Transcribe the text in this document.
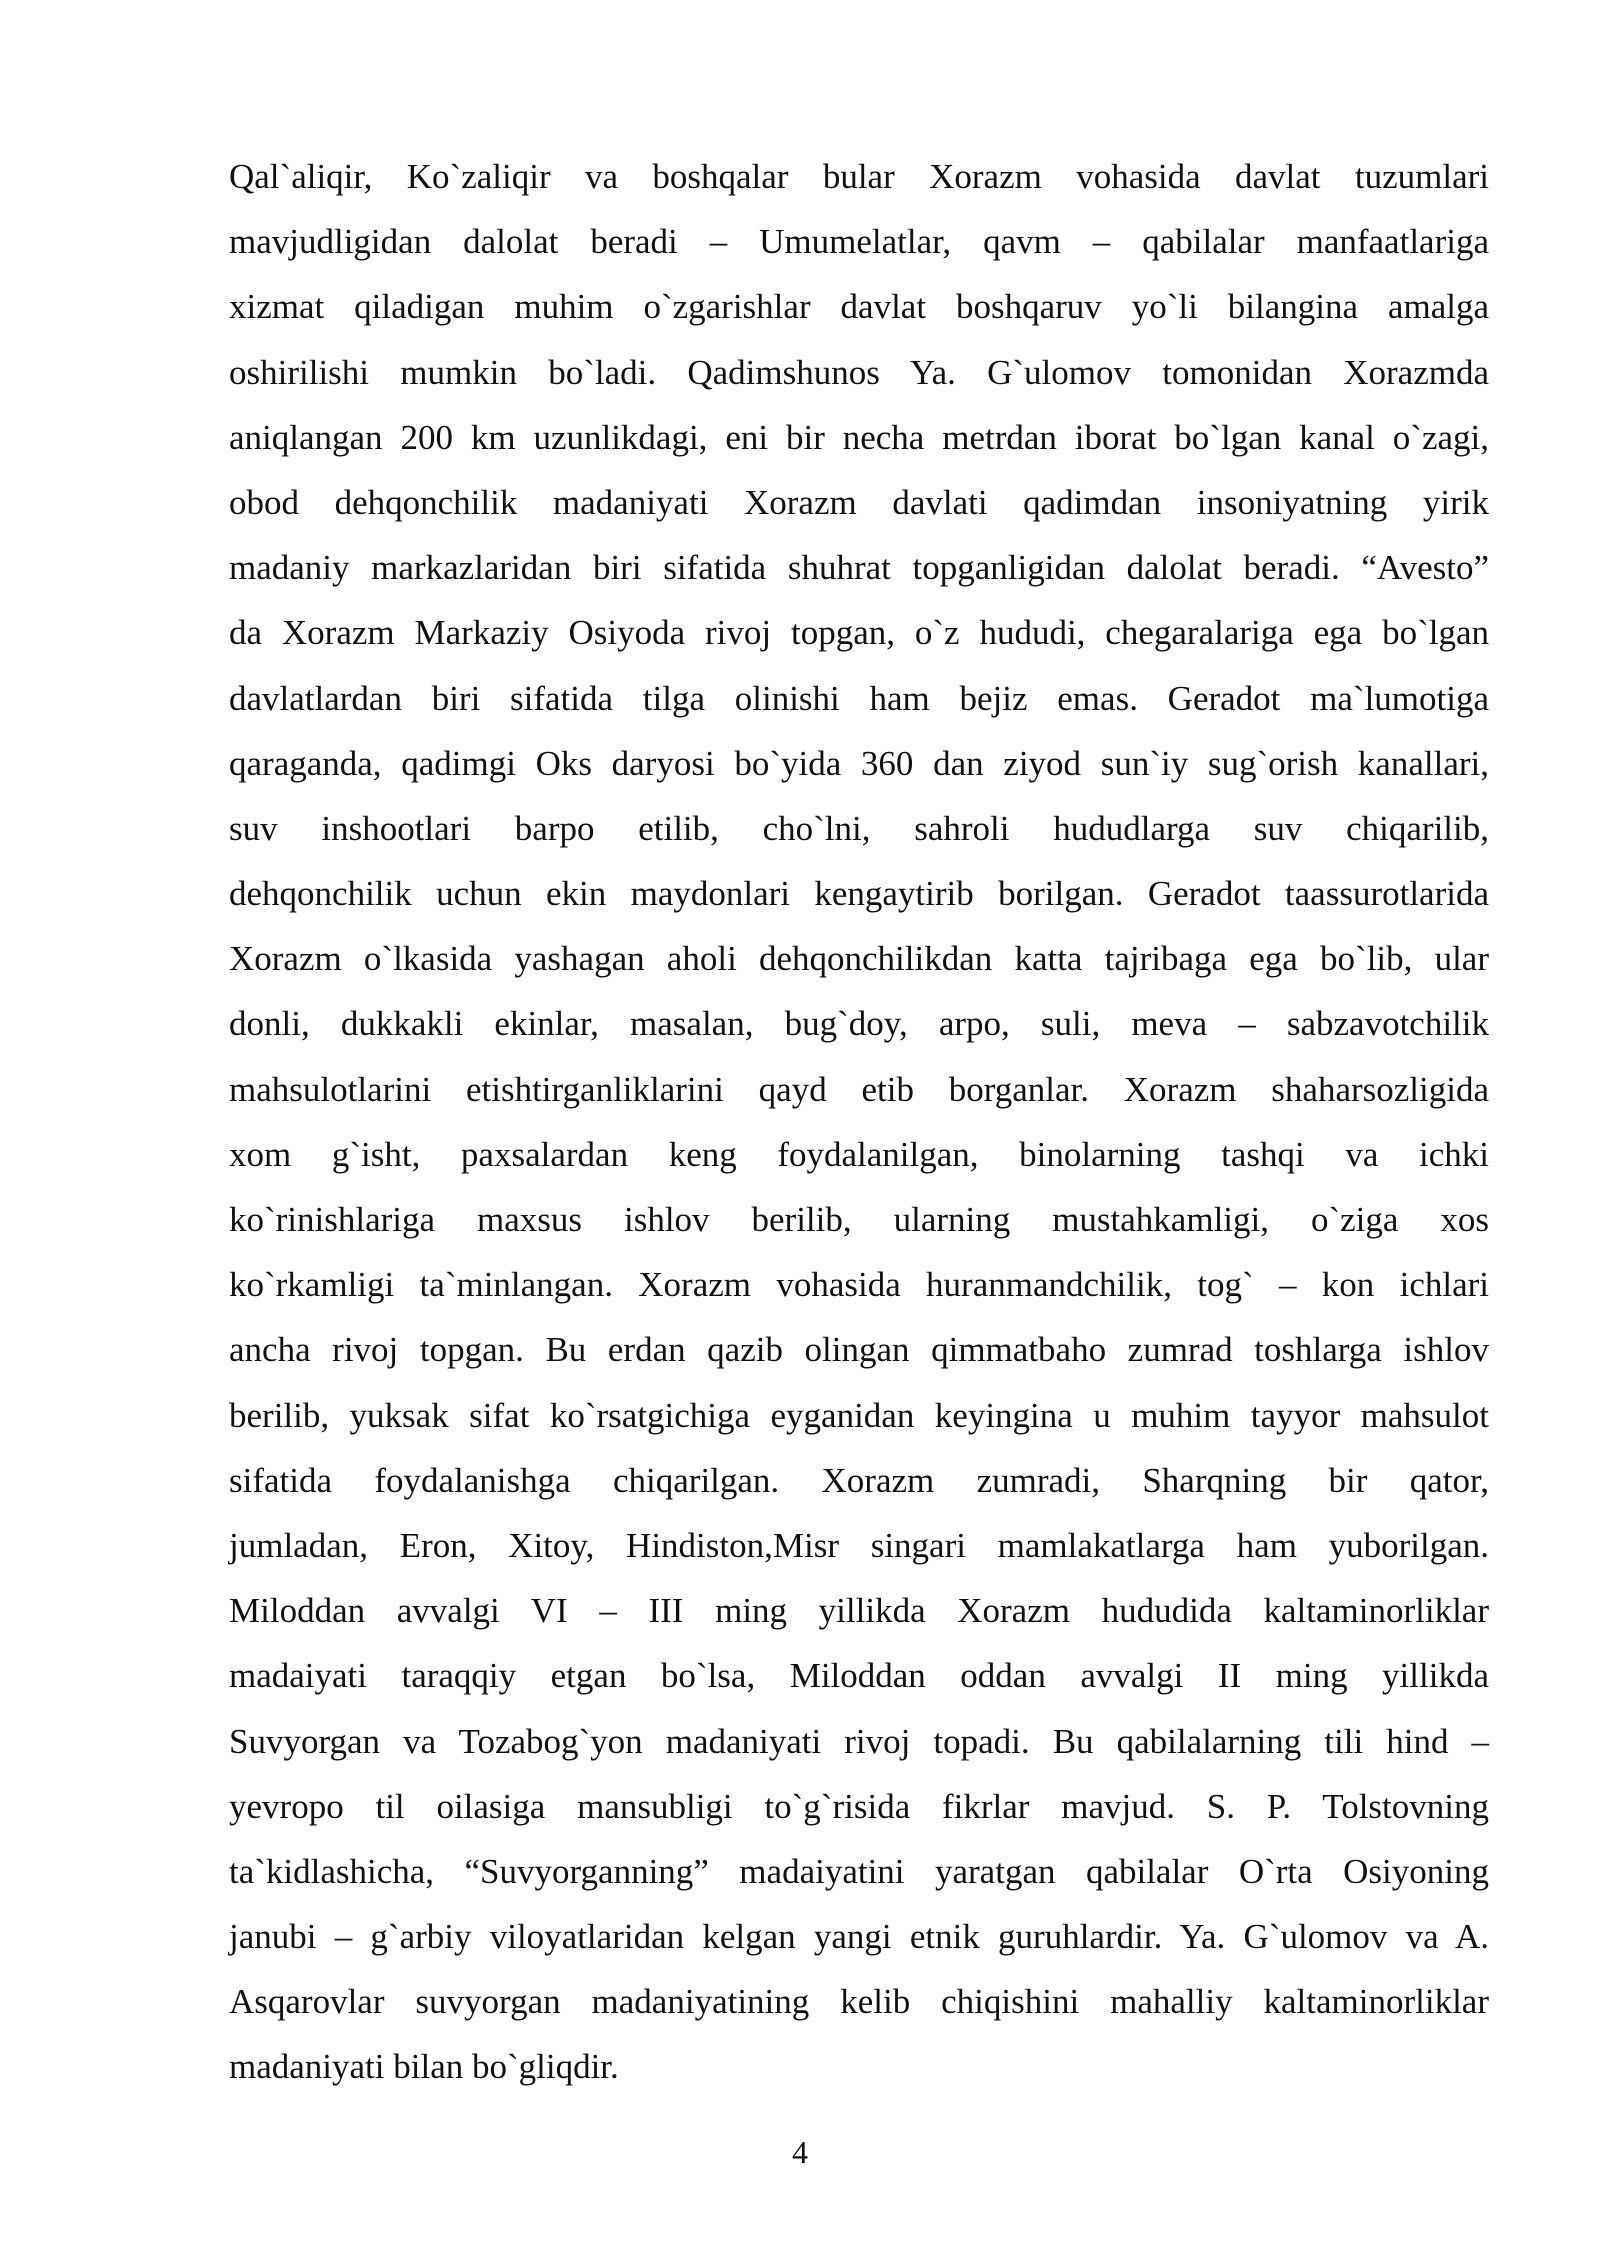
Qal`aliqir, Ko`zaliqir va boshqalar bular Xorazm vohasida davlat tuzumlari
mavjudligidan dalolat beradi – Umumelatlar, qavm – qabilalar manfaatlariga
xizmat qiladigan muhim o`zgarishlar davlat boshqaruv yo`li bilangina amalga
oshirilishi mumkin bo`ladi. Qadimshunos Ya. G`ulomov tomonidan Xorazmda
aniqlangan 200 km uzunlikdagi, eni bir necha metrdan iborat bo`lgan kanal o`zagi,
obod dehqonchilik madaniyati Xorazm davlati qadimdan insoniyatning yirik
madaniy markazlaridan biri sifatida shuhrat topganligidan dalolat beradi. “Avesto”
da Xorazm Markaziy Osiyoda rivoj topgan, o`z hududi, chegaralariga ega bo`lgan
davlatlardan biri sifatida tilga olinishi ham bejiz emas. Geradot ma`lumotiga
qaraganda, qadimgi Oks daryosi bo`yida 360 dan ziyod sun`iy sug`orish kanallari,
suv inshootlari barpo etilib, cho`lni, sahroli hududlarga suv chiqarilib,
dehqonchilik uchun ekin maydonlari kengaytirib borilgan. Geradot taassurotlarida
Xorazm o`lkasida yashagan aholi dehqonchilikdan katta tajribaga ega bo`lib, ular
donli, dukkakli ekinlar, masalan, bug`doy, arpo, suli, meva – sabzavotchilik
mahsulotlarini etishtirganliklarini qayd etib borganlar. Xorazm shaharsozligida
xom g`isht, paxsalardan keng foydalanilgan, binolarning tashqi va ichki
ko`rinishlariga maxsus ishlov berilib, ularning mustahkamligi, o`ziga xos
ko`rkamligi ta`minlangan. Xorazm vohasida huranmandchilik, tog` – kon ichlari
ancha rivoj topgan. Bu erdan qazib olingan qimmatbaho zumrad toshlarga ishlov
berilib, yuksak sifat ko`rsatgichiga eyganidan keyingina u muhim tayyor mahsulot
sifatida foydalanishga chiqarilgan. Xorazm zumradi, Sharqning bir qator,
jumladan, Eron, Xitoy, Hindiston,Misr singari mamlakatlarga ham yuborilgan.
Miloddan avvalgi VI – III ming yillikda Xorazm hududida kaltaminorliklar
madaiyati taraqqiy etgan bo`lsa, Miloddan oddan avvalgi II ming yillikda
Suvyorgan va Tozabog`yon madaniyati rivoj topadi. Bu qabilalarning tili hind –
yevropo til oilasiga mansubligi to`g`risida fikrlar mavjud. S. P. Tolstovning
ta`kidlashicha, “Suvyorganning” madaiyatini yaratgan qabilalar O`rta Osiyoning
janubi – g`arbiy viloyatlaridan kelgan yangi etnik guruhlardir. Ya. G`ulomov va A.
Asqarovlar suvyorgan madaniyatining kelib chiqishini mahalliy kaltaminorliklar
madaniyati bilan bo`gliqdir.
4
